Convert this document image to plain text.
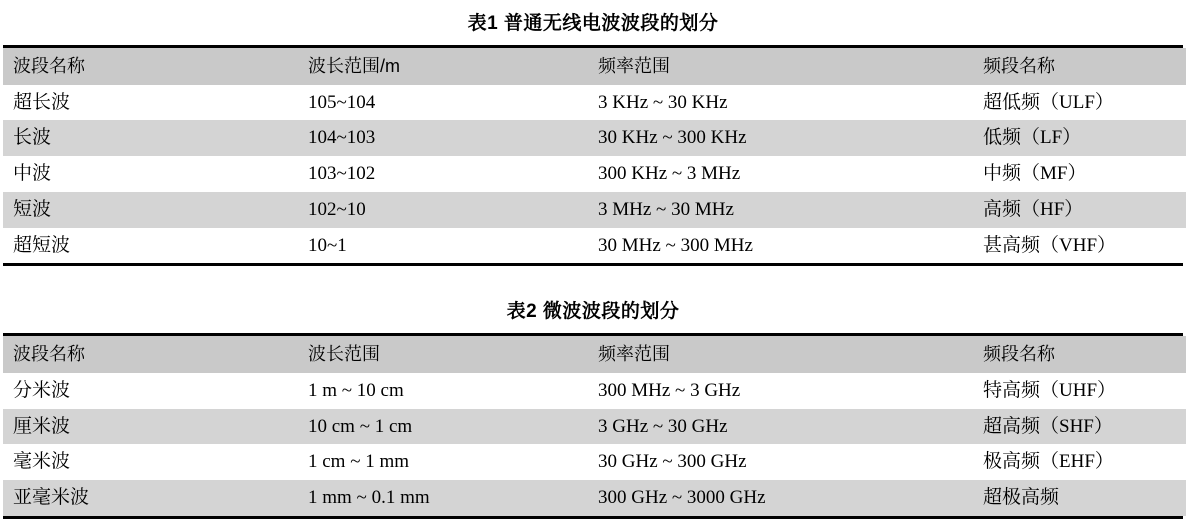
表1 普通无线电波波段的划分
波段名称	波长范围/m	频率范围	频段名称
超长波	105~104	3 KHz ~ 30 KHz	超低频（ULF）
长波	104~103	30 KHz ~ 300 KHz	低频（LF）
中波	103~102	300 KHz ~ 3 MHz	中频（MF）
短波	102~10	3 MHz ~ 30 MHz	高频（HF）
超短波	10~1	30 MHz ~ 300 MHz	甚高频（VHF）
表2 微波波段的划分
波段名称	波长范围	频率范围	频段名称
分米波	1 m ~ 10 cm	300 MHz ~ 3 GHz	特高频（UHF）
厘米波	10 cm ~ 1 cm	3 GHz ~ 30 GHz	超高频（SHF）
毫米波	1 cm ~ 1 mm	30 GHz ~ 300 GHz	极高频（EHF）
亚毫米波	1 mm ~ 0.1 mm	300 GHz ~ 3000 GHz	超极高频
